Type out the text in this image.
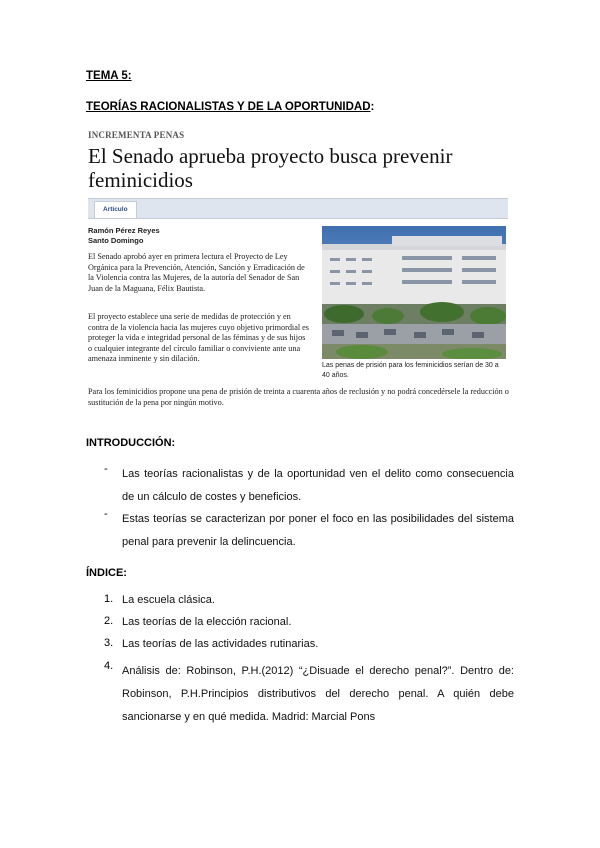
TEMA 5:
TEORÍAS RACIONALISTAS Y DE LA OPORTUNIDAD:
INCREMENTA PENAS
El Senado aprueba proyecto busca prevenir feminicidios
Artículo
Ramón Pérez Reyes
Santo Domingo
El Senado aprobó ayer en primera lectura el Proyecto de Ley Orgánica para la Prevención, Atención, Sanción y Erradicación de la Violencia contra las Mujeres, de la autoría del Senador de San Juan de la Maguana, Félix Bautista.
El proyecto establece una serie de medidas de protección y en contra de la violencia hacia las mujeres cuyo objetivo primordial es proteger la vida e integridad personal de las féminas y de sus hijos o cualquier integrante del círculo familiar o conviviente ante una amenaza inminente y sin dilación.
Para los feminicidios propone una pena de prisión de treinta a cuarenta años de reclusión y no podrá concedérsele la reducción o sustitución de la pena por ningún motivo.
Las penas de prisión para los feminicidios serían de 30 a 40 años.
INTRODUCCIÓN:
- Las teorías racionalistas y de la oportunidad ven el delito como consecuencia de un cálculo de costes y beneficios.
- Estas teorías se caracterizan por poner el foco en las posibilidades del sistema penal para prevenir la delincuencia.
ÍNDICE:
1. La escuela clásica.
2. Las teorías de la elección racional.
3. Las teorías de las actividades rutinarias.
4. Análisis de: Robinson, P.H.(2012) “¿Disuade el derecho penal?”. Dentro de: Robinson, P.H.Principios distributivos del derecho penal. A quién debe sancionarse y en qué medida. Madrid: Marcial Pons
